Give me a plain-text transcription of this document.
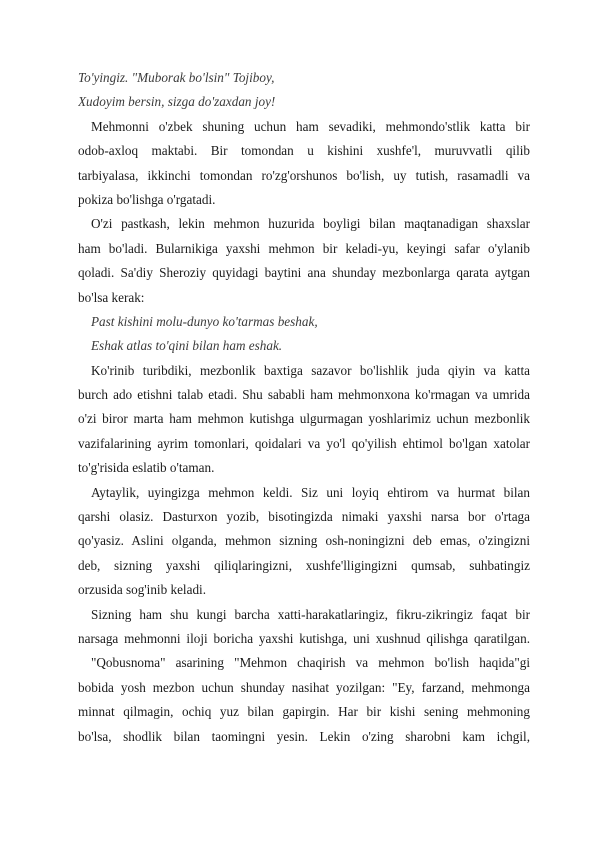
To'yingiz. "Muborak bo'lsin" Tojiboy,
Xudoyim bersin, sizga do'zaxdan joy!
Mehmonni o'zbek shuning uchun ham sevadiki, mehmondo'stlik katta bir
odob-axloq maktabi. Bir tomondan u kishini xushfe'l, muruvvatli qilib
tarbiyalasa, ikkinchi tomondan ro'zg'orshunos bo'lish, uy tutish, rasamadli va
pokiza bo'lishga o'rgatadi.
O'zi pastkash, lekin mehmon huzurida boyligi bilan maqtanadigan shaxslar
ham bo'ladi. Bularnikiga yaxshi mehmon bir keladi-yu, keyingi safar o'ylanib
qoladi. Sa'diy Sheroziy quyidagi baytini ana shunday mezbonlarga qarata aytgan
bo'lsa kerak:
Past kishini molu-dunyo ko'tarmas beshak,
Eshak atlas to'qini bilan ham eshak.
Ko'rinib turibdiki, mezbonlik baxtiga sazavor bo'lishlik juda qiyin va katta
burch ado etishni talab etadi. Shu sababli ham mehmonxona ko'rmagan va umrida
o'zi biror marta ham mehmon kutishga ulgurmagan yoshlarimiz uchun mezbonlik
vazifalarining ayrim tomonlari, qoidalari va yo'l qo'yilish ehtimol bo'lgan xatolar
to'g'risida eslatib o'taman.
Aytaylik, uyingizga mehmon keldi. Siz uni loyiq ehtirom va hurmat bilan
qarshi olasiz. Dasturxon yozib, bisotingizda nimaki yaxshi narsa bor o'rtaga
qo'yasiz. Aslini olganda, mehmon sizning osh-noningizni deb emas, o'zingizni
deb, sizning yaxshi qiliqlaringizni, xushfe'lligingizni qumsab, suhbatingiz
orzusida sog'inib keladi.
Sizning ham shu kungi barcha xatti-harakatlaringiz, fikru-zikringiz faqat bir
narsaga mehmonni iloji boricha yaxshi kutishga, uni xushnud qilishga qaratilgan.
"Qobusnoma" asarining "Mehmon chaqirish va mehmon bo'lish haqida"gi
bobida yosh mezbon uchun shunday nasihat yozilgan: "Ey, farzand, mehmonga
minnat qilmagin, ochiq yuz bilan gapirgin. Har bir kishi sening mehmoning
bo'lsa, shodlik bilan taomingni yesin. Lekin o'zing sharobni kam ichgil,
